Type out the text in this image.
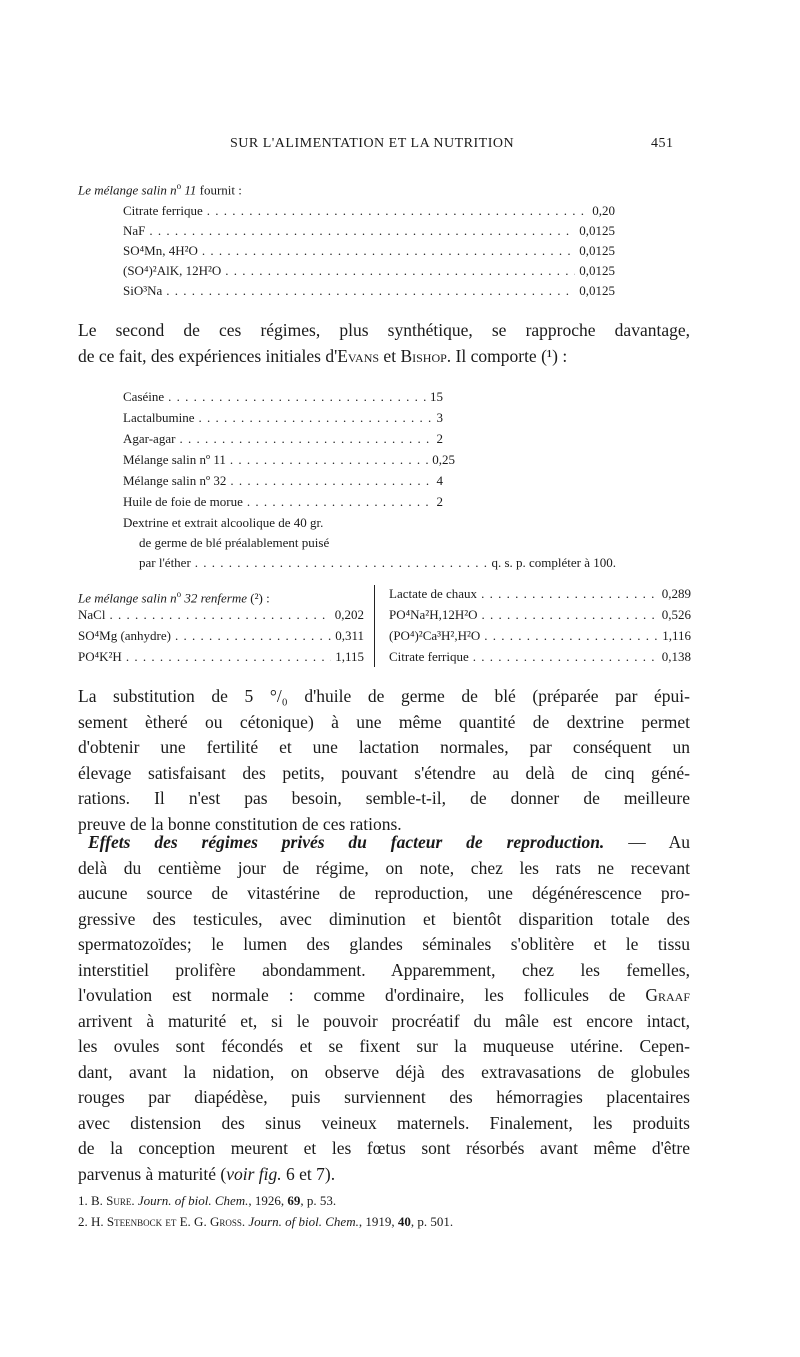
SUR L'ALIMENTATION ET LA NUTRITION	451
Le mélange salin $n^o$ 11 fournit :
Citrate ferrique . . .	0,20
NaF . . .	0,0125
SO⁴Mn, 4H²O . . .	0,0125
(SO⁴)²AlK, 12H²O . . .	0,0125
SiO³Na . . .	0,0125
Le second de ces régimes, plus synthétique, se rapproche davantage,
de ce fait, des expériences initiales d'Evans et Bishop. Il comporte (¹) :
Caséine . . .	15
Lactalbumine . . .	3
Agar-agar . . .	2
Mélange salin nº 11 . . .	0,25
Mélange salin nº 32 . . .	4
Huile de foie de morue . . .	2
Dextrine et extrait alcoolique de 40 gr.
de germe de blé préalablement puisé
par l'éther . . .	q. s. p. compléter à 100.
Le mélange salin $n^o$ 32 renferme (²) :
NaCl . . .	0,202
SO⁴Mg (anhydre) . . .	0,311
PO⁴K²H . . .	1,115
Lactate de chaux . . .	0,289
PO⁴Na²H,12H²O . . .	0,526
(PO⁴)²Ca³H²,H²O . . .	1,116
Citrate ferrique . . .	0,138
La substitution de 5 °/₀ d'huile de germe de blé (préparée par épui-
sement ètheré ou cétonique) à une même quantité de dextrine permet
d'obtenir une fertilité et une lactation normales, par conséquent un
élevage satisfaisant des petits, pouvant s'étendre au delà de cinq géné-
rations. Il n'est pas besoin, semble-t-il, de donner de meilleure
preuve de la bonne constitution de ces rations.
Effets des régimes privés du facteur de reproduction. — Au
delà du centième jour de régime, on note, chez les rats ne recevant
aucune source de vitastérine de reproduction, une dégénérescence pro-
gressive des testicules, avec diminution et bientôt disparition totale des
spermatozoïdes; le lumen des glandes séminales s'oblitère et le tissu
interstitiel prolifère abondamment. Apparemment, chez les femelles,
l'ovulation est normale : comme d'ordinaire, les follicules de Graaf
arrivent à maturité et, si le pouvoir procréatif du mâle est encore intact,
les ovules sont fécondés et se fixent sur la muqueuse utérine. Cepen-
dant, avant la nidation, on observe déjà des extravasations de globules
rouges par diapédèse, puis surviennent des hémorragies placentaires
avec distension des sinus veineux maternels. Finalement, les produits
de la conception meurent et les fœtus sont résorbés avant même d'être
parvenus à maturité (voir fig. 6 et 7).
1. B. Sure. Journ. of biol. Chem., 1926, 69, p. 53.
2. H. Steenbock et E. G. Gross. Journ. of biol. Chem., 1919, 40, p. 501.
